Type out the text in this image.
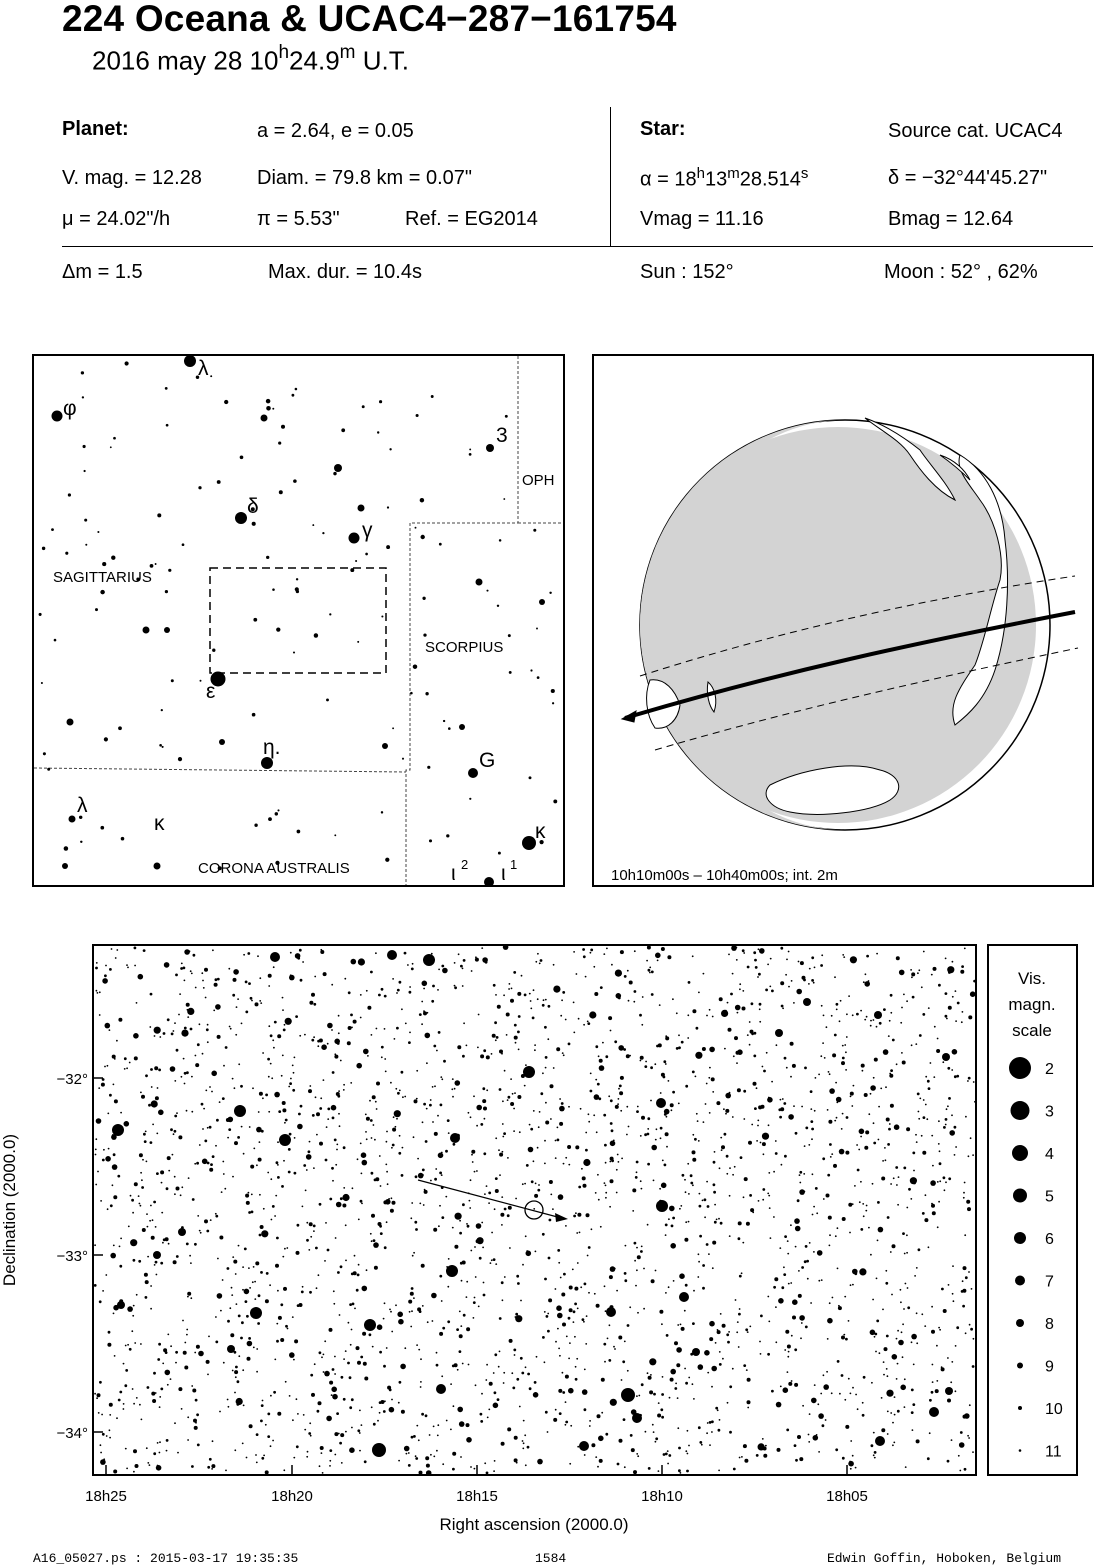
224 Oceana & UCAC4−287−161754
2016 may 28 10$^h$24.9$^m$ U.T.
Planet:	a = 2.64, e = 0.05
V. mag. = 12.28	Diam. = 79.8 km = 0.07"
μ = 24.02"/h	π = 5.53"	Ref. = EG2014
Star:	Source cat. UCAC4
$\alpha = 18^h13^m28.514^s$	δ = −32°44'45.27"
Vmag = 11.16	Bmag = 12.64
Δm = 1.5	Max. dur. = 10.4s	Sun : 152°	Moon : 52° , 62%
SAGITTARIUS
SCORPIUS
OPH
CORONA AUSTRALIS
λ
φ
δ
γ
ε
η.
λ
κ
3
G
κ
ι 2 ι 1
10h10m00s – 10h40m00s; int. 2m
−32°
−33°
−34°
Declination (2000.0)
18h25	18h20	18h15	18h10	18h05
Right ascension (2000.0)
Vis.
magn.
scale
2
3
4
5
6
7
8
9
10
11
A16_05027.ps : 2015-03-17 19:35:35	1584	Edwin Goffin, Hoboken, Belgium
